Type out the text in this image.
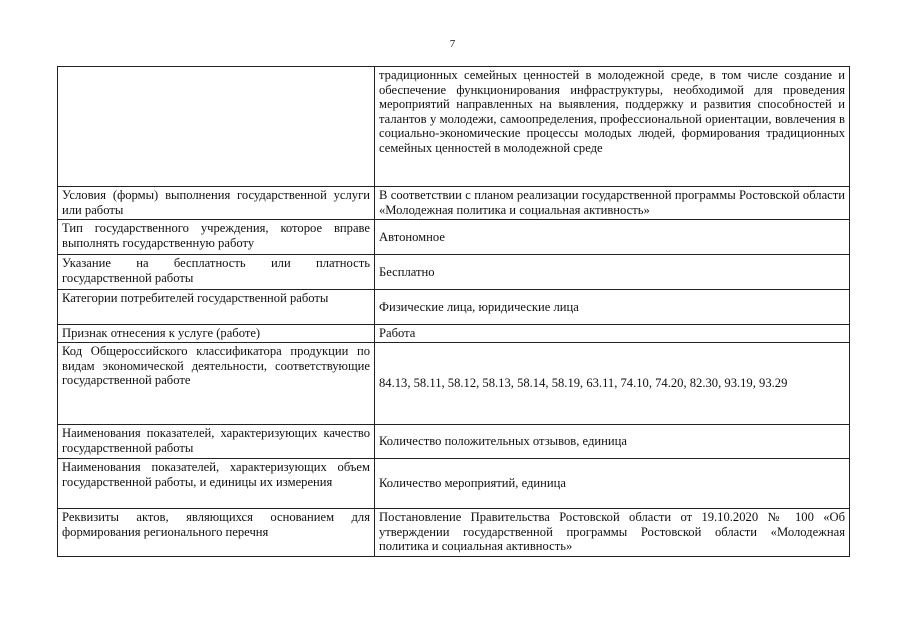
7
	традиционных семейных ценностей в молодежной среде, в том числе создание и обеспечение функционирования инфраструктуры, необходимой для проведения мероприятий направленных на выявления, поддержку и развития способностей и талантов у молодежи, самоопределения, профессиональной ориентации, вовлечения в социально-экономические процессы молодых людей, формирования традиционных семейных ценностей в молодежной среде
Условия (формы) выполнения государственной услуги или работы	В соответствии с планом реализации государственной программы Ростовской области «Молодежная политика и социальная активность»
Тип государственного учреждения, которое вправе выполнять государственную работу	Автономное
Указание на бесплатность или платность государственной работы	Бесплатно
Категории потребителей государственной работы	Физические лица, юридические лица
Признак отнесения к услуге (работе)	Работа
Код Общероссийского классификатора продукции по видам экономической деятельности, соответствующие государственной работе	84.13, 58.11, 58.12, 58.13, 58.14, 58.19, 63.11, 74.10, 74.20, 82.30, 93.19, 93.29
Наименования показателей, характеризующих качество государственной работы	Количество положительных отзывов, единица
Наименования показателей, характеризующих объем государственной работы, и единицы их измерения	Количество мероприятий, единица
Реквизиты актов, являющихся основанием для формирования регионального перечня	Постановление Правительства Ростовской области от 19.10.2020 № 100 «Об утверждении государственной программы Ростовской области «Молодежная политика и социальная активность»
